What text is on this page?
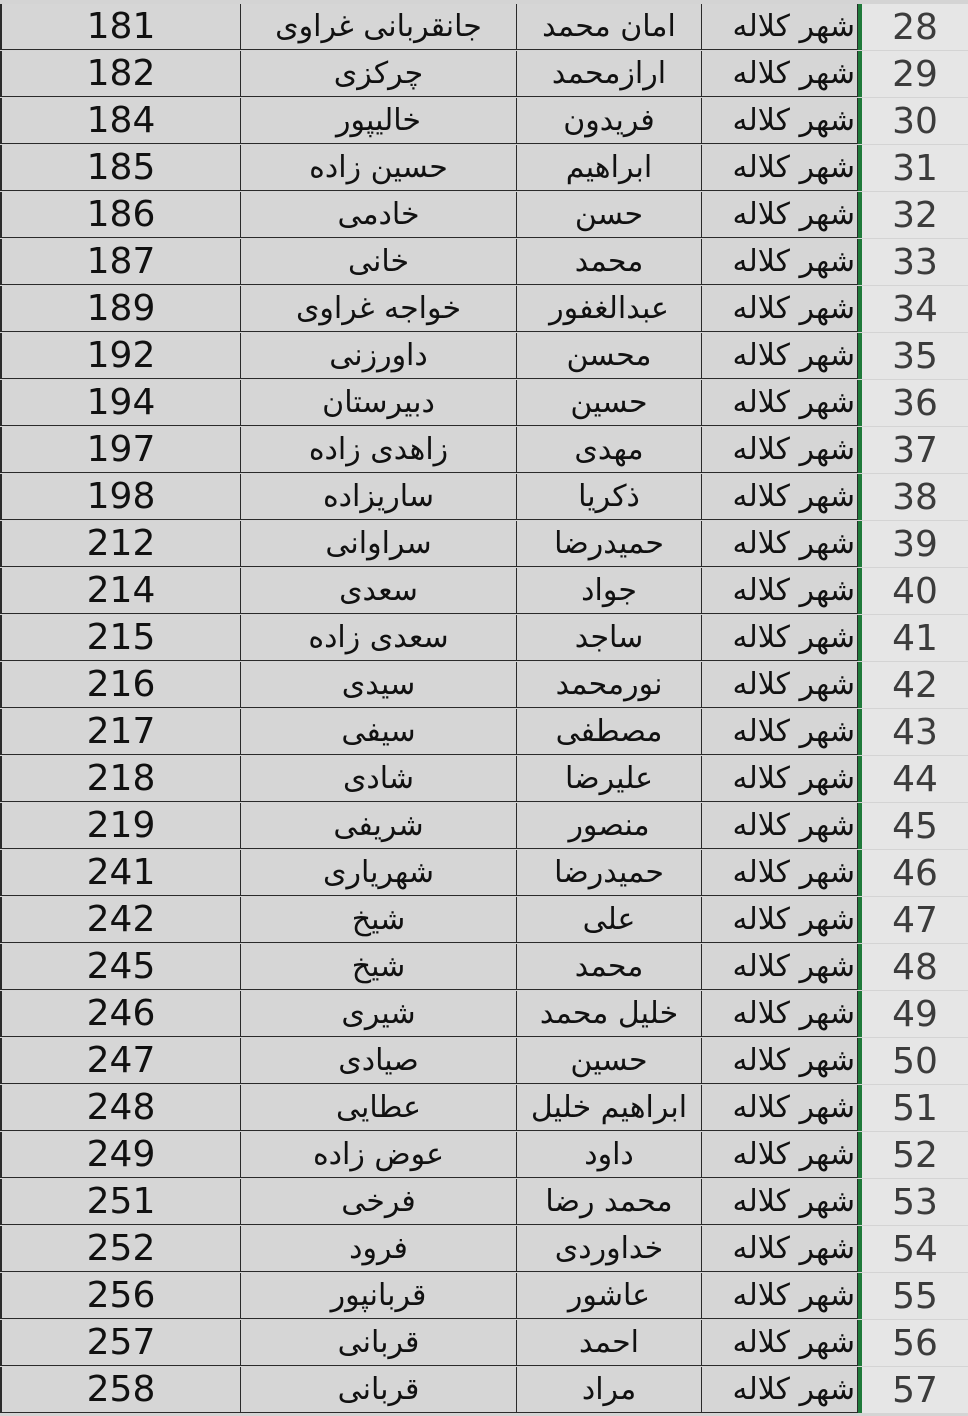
181	جانقربانی غراوی	امان محمد	شهر کلاله	28
182	چرکزی	ارازمحمد	شهر کلاله	29
184	خالیپور	فریدون	شهر کلاله	30
185	حسین زاده	ابراهیم	شهر کلاله	31
186	خادمی	حسن	شهر کلاله	32
187	خانی	محمد	شهر کلاله	33
189	خواجه غراوی	عبدالغفور	شهر کلاله	34
192	داورزنی	محسن	شهر کلاله	35
194	دبیرستان	حسین	شهر کلاله	36
197	زاهدی زاده	مهدی	شهر کلاله	37
198	ساریزاده	ذکریا	شهر کلاله	38
212	سراوانی	حمیدرضا	شهر کلاله	39
214	سعدی	جواد	شهر کلاله	40
215	سعدی زاده	ساجد	شهر کلاله	41
216	سیدی	نورمحمد	شهر کلاله	42
217	سیفی	مصطفی	شهر کلاله	43
218	شادی	علیرضا	شهر کلاله	44
219	شریفی	منصور	شهر کلاله	45
241	شهریاری	حمیدرضا	شهر کلاله	46
242	شیخ	علی	شهر کلاله	47
245	شیخ	محمد	شهر کلاله	48
246	شیری	خلیل محمد	شهر کلاله	49
247	صیادی	حسین	شهر کلاله	50
248	عطایی	ابراهیم خلیل	شهر کلاله	51
249	عوض زاده	داود	شهر کلاله	52
251	فرخی	محمد رضا	شهر کلاله	53
252	فرود	خداوردی	شهر کلاله	54
256	قربانپور	عاشور	شهر کلاله	55
257	قربانی	احمد	شهر کلاله	56
258	قربانی	مراد	شهر کلاله	57
